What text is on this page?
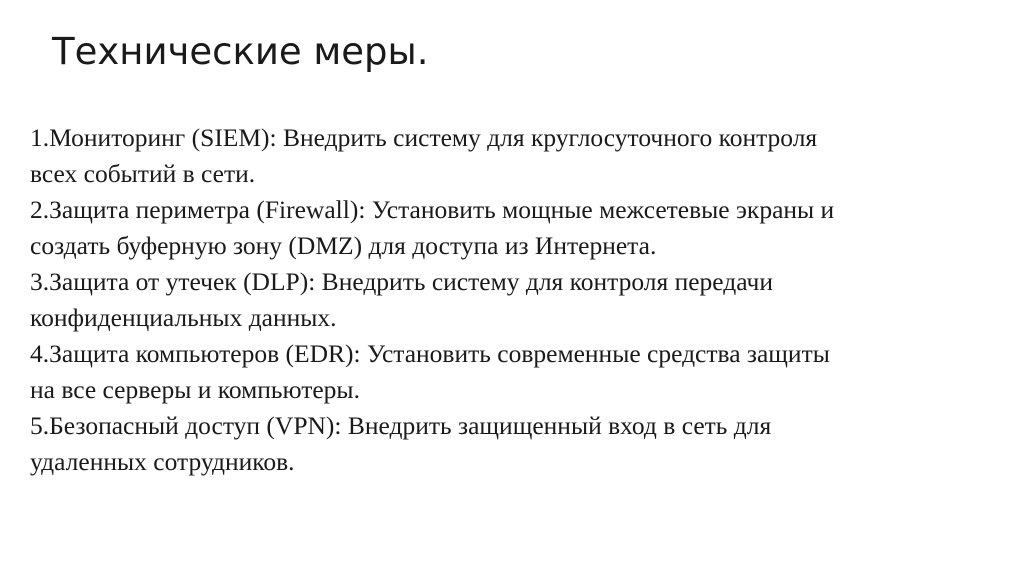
Технические меры.
1.Мониторинг (SIEM): Внедрить систему для круглосуточного контроля
всех событий в сети.
2.Защита периметра (Firewall): Установить мощные межсетевые экраны и
создать буферную зону (DMZ) для доступа из Интернета.
3.Защита от утечек (DLP): Внедрить систему для контроля передачи
конфиденциальных данных.
4.Защита компьютеров (EDR): Установить современные средства защиты
на все серверы и компьютеры.
5.Безопасный доступ (VPN): Внедрить защищенный вход в сеть для
удаленных сотрудников.
